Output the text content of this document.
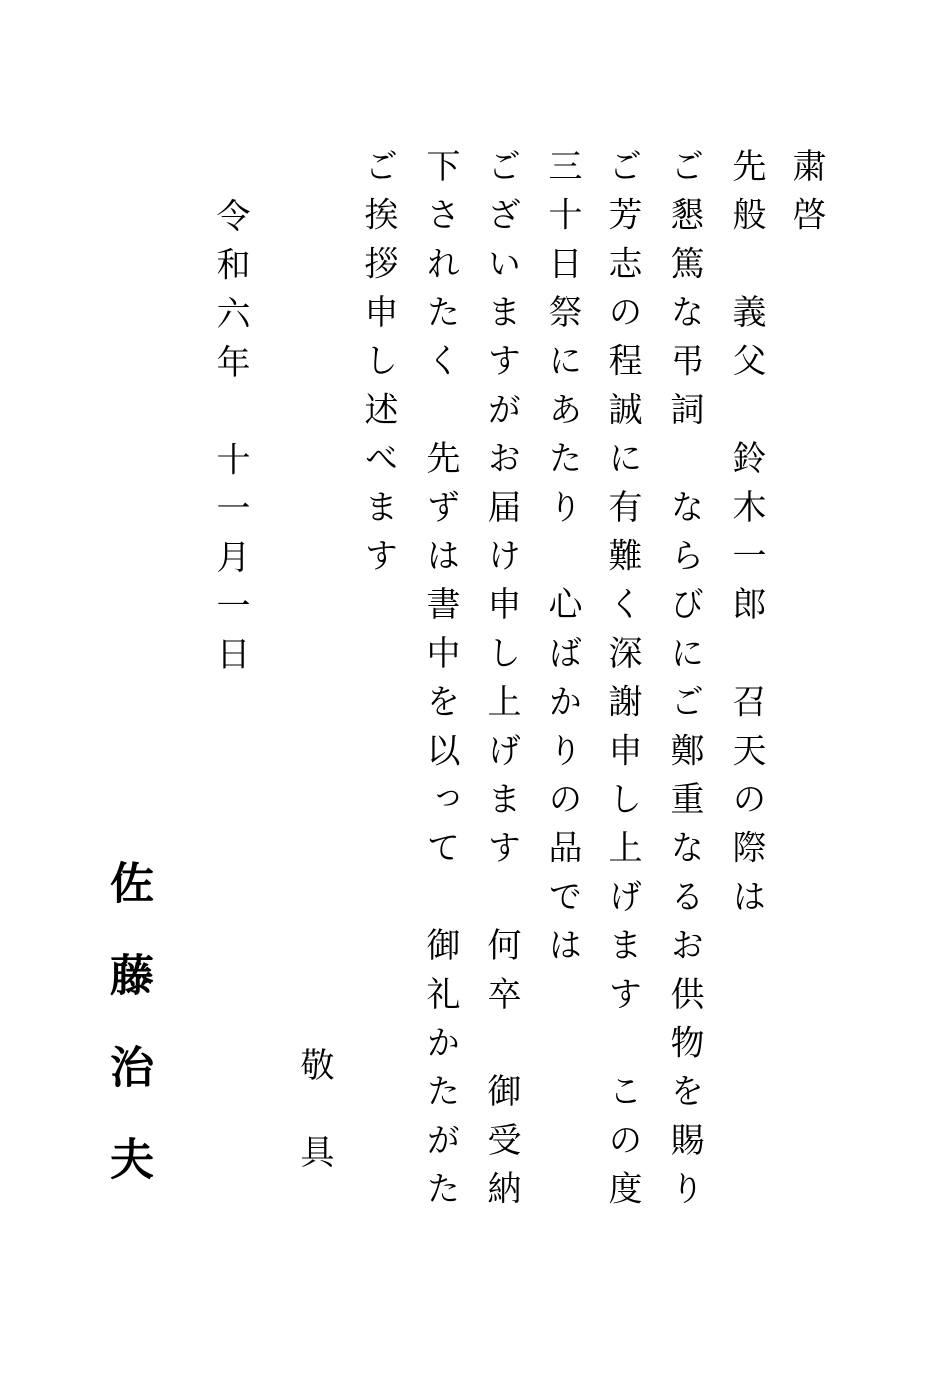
粛啓

先般　義父　鈴木一郎　召天の際は

ご懇篤な弔詞　ならびにご鄭重なるお供物を賜り

ご芳志の程誠に有難く深謝申し上げます　この度

三十日祭にあたり　心ばかりの品では

ございますがお届け申し上げます　何卒　御受納

下されたく　先ずは書中を以って　御礼かたがた

ご挨拶申し述べます

敬具

令和六年　十一月一日

佐藤治夫
